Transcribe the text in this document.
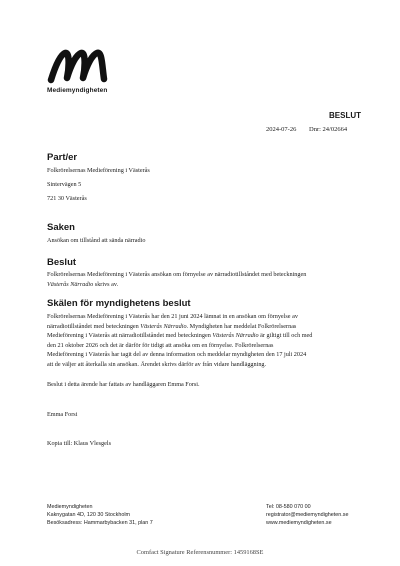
Mediemyndigheten
BESLUT
2024-07-26 Dnr: 24/02664
Part/er
Folkrörelsernas Medieförening i Västerås
Sintervägen 5
721 30 Västerås
Saken
Ansökan om tillstånd att sända närradio
Beslut
Folkrörelsernas Medieförening i Västerås ansökan om förnyelse av närradiotillståndet med beteckningen
Västerås Närradio skrivs av.
Skälen för myndighetens beslut
Folkrörelsernas Medieförening i Västerås har den 21 juni 2024 lämnat in en ansökan om förnyelse av
närradiotillståndet med beteckningen Västerås Närradio. Myndigheten har meddelat Folkrörelsernas
Medieförening i Västerås att närradiotillståndet med beteckningen Västerås Närradio är giltigt till och med
den 21 oktober 2026 och det är därför för tidigt att ansöka om en förnyelse. Folkrörelsernas
Medieförening i Västerås har tagit del av denna information och meddelar myndigheten den 17 juli 2024
att de väljer att återkalla sin ansökan. Ärendet skrivs därför av från vidare handläggning.
Beslut i detta ärende har fattats av handläggaren Emma Forsi.
Emma Forsi
Kopia till: Klaus Vlesgels
Mediemyndigheten
Kaknygatan 4D, 120 30 Stockholm
Besöksadress: Hammarbybacken 31, plan 7
Tel: 08-580 070 00
registrator@mediemyndigheten.se
www.mediemyndigheten.se
Comfact Signature Referensnummer: 1459168SE
